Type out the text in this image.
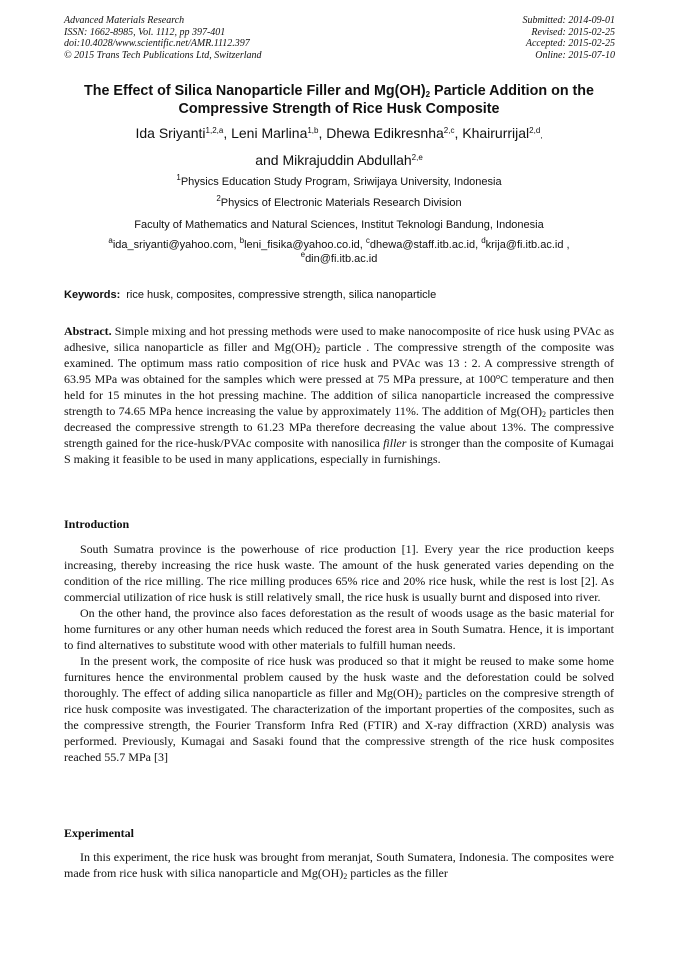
Advanced Materials Research
ISSN: 1662-8985, Vol. 1112, pp 397-401
doi:10.4028/www.scientific.net/AMR.1112.397
© 2015 Trans Tech Publications Ltd, Switzerland
Submitted: 2014-09-01
Revised: 2015-02-25
Accepted: 2015-02-25
Online: 2015-07-10
The Effect of Silica Nanoparticle Filler and $Mg(OH)_2$ Particle Addition on the Compressive Strength of Rice Husk Composite
Ida Sriyanti$^{1,2,a}$, Leni Marlina$^{1,b}$, Dhewa Edikresnha$^{2,c}$, Khairurrijal$^{2,d}$,
and Mikrajuddin Abdullah$^{2,e}$
$^1$Physics Education Study Program, Sriwijaya University, Indonesia
$^2$Physics of Electronic Materials Research Division
Faculty of Mathematics and Natural Sciences, Institut Teknologi Bandung, Indonesia
$^a$ida_sriyanti@yahoo.com, $^b$leni_fisika@yahoo.co.id, $^c$dhewa@staff.itb.ac.id, $^d$krija@fi.itb.ac.id ,
$^e$din@fi.itb.ac.id
Keywords: rice husk, composites, compressive strength, silica nanoparticle

Abstract. Simple mixing and hot pressing methods were used to make nanocomposite of rice husk using PVAc as adhesive, silica nanoparticle as filler and $Mg(OH)_2$ particle . The compressive strength of the composite was examined. The optimum mass ratio composition of rice husk and PVAc was 13 : 2. A compressive strength of 63.95 MPa was obtained for the samples which were pressed at 75 MPa pressure, at 100$^o$C temperature and then held for 15 minutes in the hot pressing machine. The addition of silica nanoparticle increased the compressive strength to 74.65 MPa hence increasing the value by approximately 11%. The addition of $Mg(OH)_2$ particles then decreased the compressive strength to 61.23 MPa therefore decreasing the value about 13%. The compressive strength gained for the rice-husk/PVAc composite with nanosilica filler is stronger than the composite of Kumagai S making it feasible to be used in many applications, especially in furnishings.

Introduction

South Sumatra province is the powerhouse of rice production [1]. Every year the rice production keeps increasing, thereby increasing the rice husk waste. The amount of the husk generated varies depending on the condition of the rice milling. The rice milling produces 65% rice and 20% rice husk, while the rest is lost [2]. As commercial utilization of rice husk is still relatively small, the rice husk is usually burnt and disposed into river.

On the other hand, the province also faces deforestation as the result of woods usage as the basic material for home furnitures or any other human needs which reduced the forest area in South Sumatra. Hence, it is important to find alternatives to substitute wood with other materials to fulfill human needs.

In the present work, the composite of rice husk was produced so that it might be reused to make some home furnitures hence the environmental problem caused by the husk waste and the deforestation could be solved thoroughly. The effect of adding silica nanoparticle as filler and $Mg(OH)_2$ particles on the compresive strength of rice husk composite was investigated. The characterization of the important properties of the composites, such as the compressive strength, the Fourier Transform Infra Red (FTIR) and X-ray diffraction (XRD) analysis was performed. Previously, Kumagai and Sasaki found that the compressive strength of the rice husk composites reached 55.7 MPa [3]

Experimental

In this experiment, the rice husk was brought from meranjat, South Sumatera, Indonesia. The composites were made from rice husk with silica nanoparticle and $Mg(OH)_2$ particles as the filler
